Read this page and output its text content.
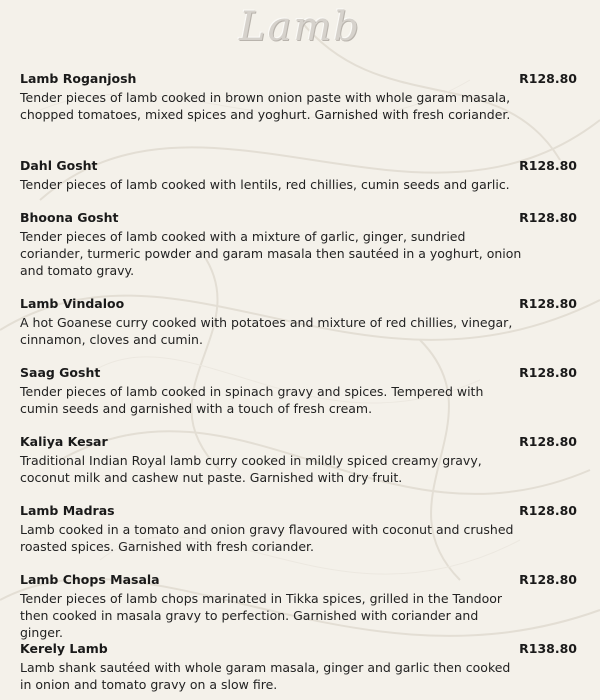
Lamb
Lamb Roganjosh	R128.80
Tender pieces of lamb cooked in brown onion paste with whole garam masala, chopped tomatoes, mixed spices and yoghurt. Garnished with fresh coriander.
Dahl Gosht	R128.80
Tender pieces of lamb cooked with lentils, red chillies, cumin seeds and garlic.
Bhoona Gosht	R128.80
Tender pieces of lamb cooked with a mixture of garlic, ginger, sundried coriander, turmeric powder and garam masala then sautéed in a yoghurt, onion and tomato gravy.
Lamb Vindaloo	R128.80
A hot Goanese curry cooked with potatoes and mixture of red chillies, vinegar, cinnamon, cloves and cumin.
Saag Gosht	R128.80
Tender pieces of lamb cooked in spinach gravy and spices. Tempered with cumin seeds and garnished with a touch of fresh cream.
Kaliya Kesar	R128.80
Traditional Indian Royal lamb curry cooked in mildly spiced creamy gravy, coconut milk and cashew nut paste. Garnished with dry fruit.
Lamb Madras	R128.80
Lamb cooked in a tomato and onion gravy flavoured with coconut and crushed roasted spices. Garnished with fresh coriander.
Lamb Chops Masala	R128.80
Tender pieces of lamb chops marinated in Tikka spices, grilled in the Tandoor then cooked in masala gravy to perfection. Garnished with coriander and ginger.
Kerely Lamb	R138.80
Lamb shank sautéed with whole garam masala, ginger and garlic then cooked in onion and tomato gravy on a slow fire.
